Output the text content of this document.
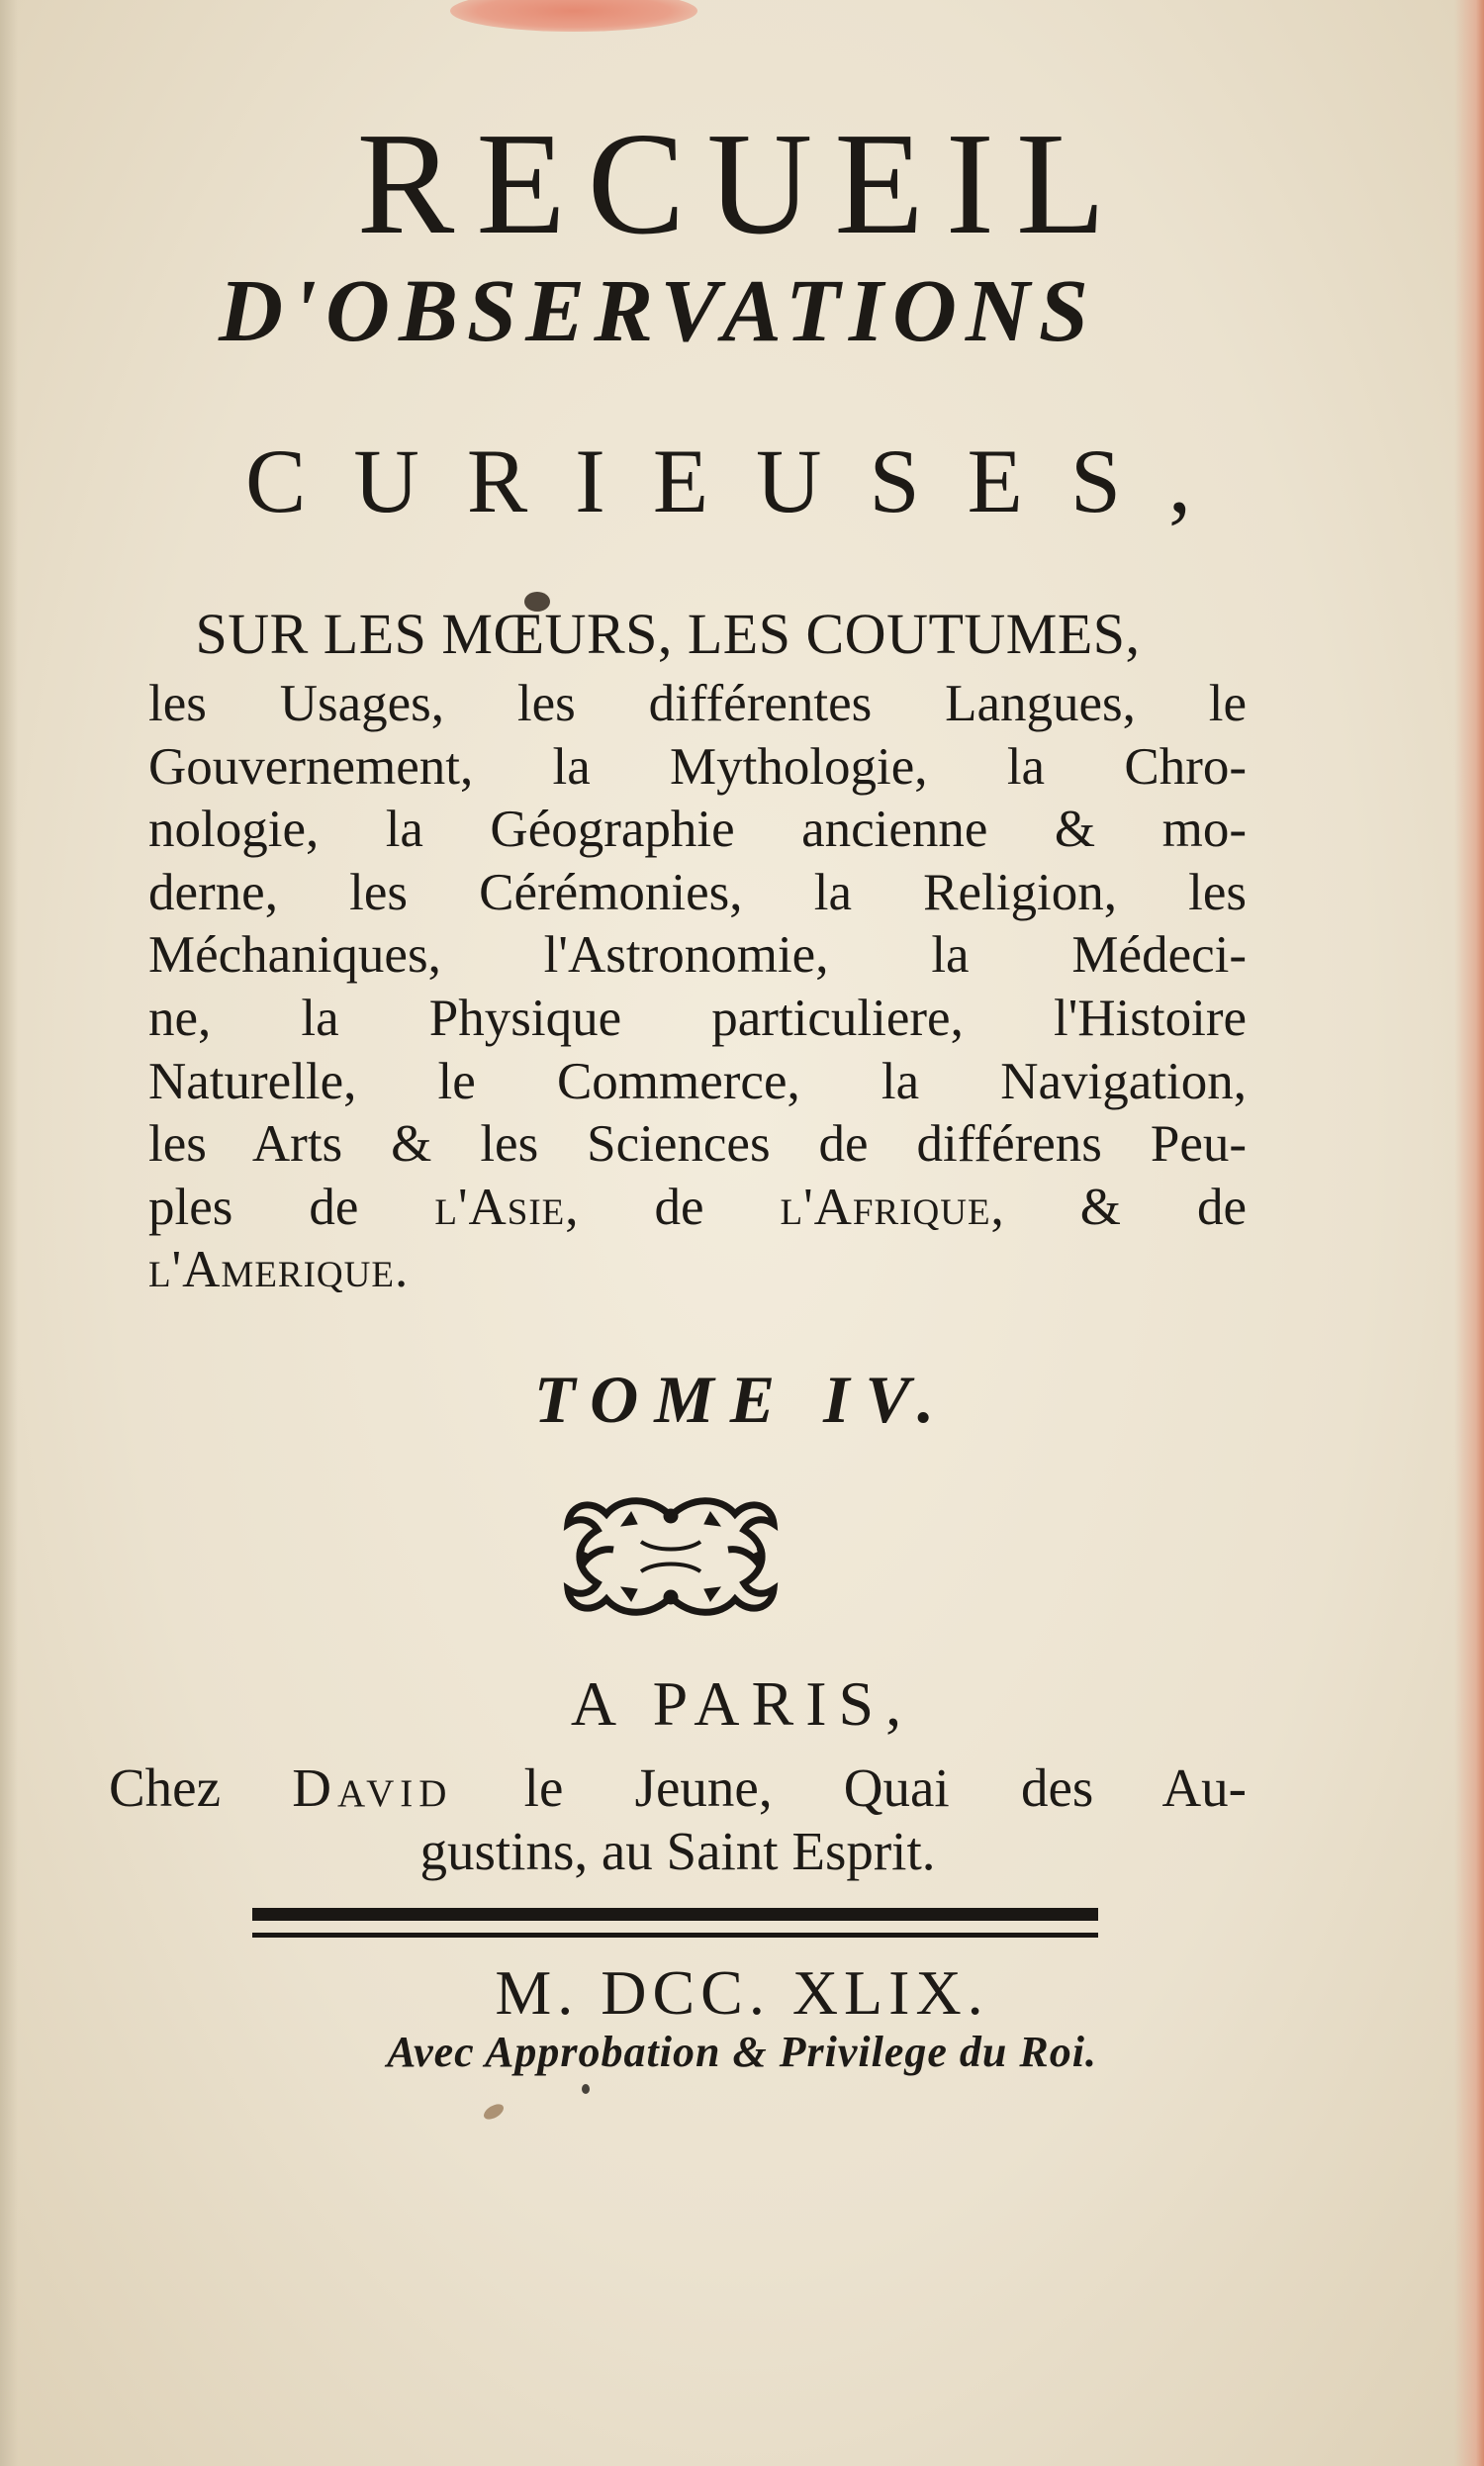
RECUEIL
D'OBSERVATIONS
CURIEUSES,
SUR LES MŒURS, LES COUTUMES,
les Usages, les différentes Langues, le
Gouvernement, la Mythologie, la Chro-
nologie, la Géographie ancienne & mo-
derne, les Cérémonies, la Religion, les
Méchaniques, l'Astronomie, la Médeci-
ne, la Physique particuliere, l'Histoire
Naturelle, le Commerce, la Navigation,
les Arts & les Sciences de différens Peu-
ples de l'Asie, de l'Afrique, & de
l'Amerique.
TOME IV.
A PARIS,
Chez David le Jeune, Quai des Au-
gustins, au Saint Esprit.
M. DCC. XLIX.
Avec Approbation & Privilege du Roi.
